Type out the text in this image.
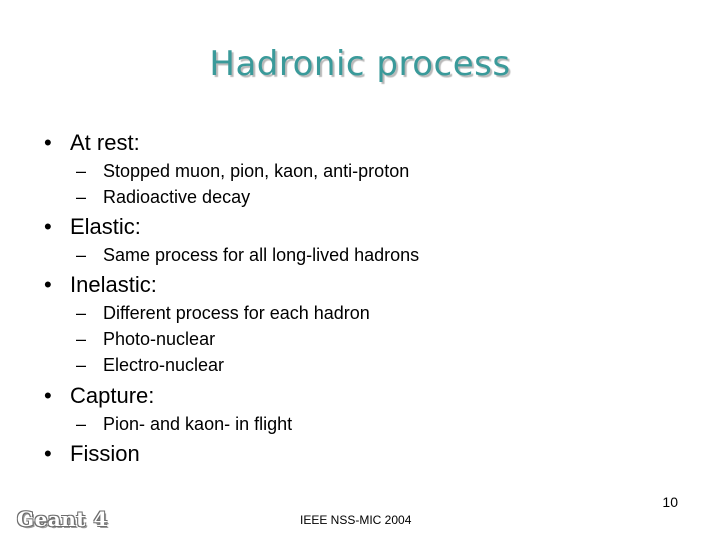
Hadronic process
• At rest:
– Stopped muon, pion, kaon, anti-proton
– Radioactive decay
• Elastic:
– Same process for all long-lived hadrons
• Inelastic:
– Different process for each hadron
– Photo-nuclear
– Electro-nuclear
• Capture:
– Pion- and kaon- in flight
• Fission
10
IEEE NSS-MIC 2004
Geant 4
